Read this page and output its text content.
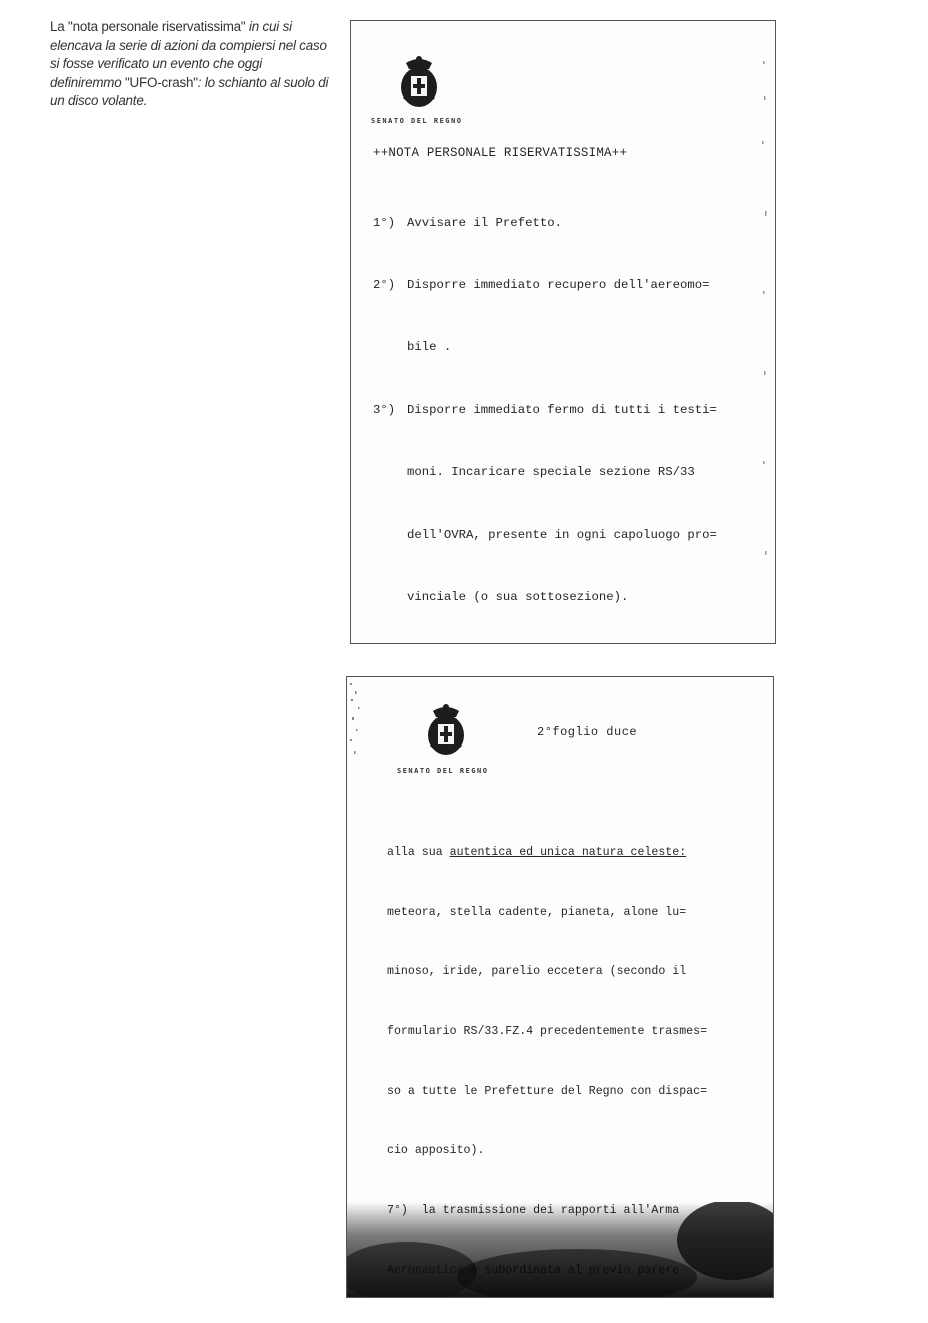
La "nota personale riservatissima" in cui si elencava la serie di azioni da compiersi nel caso si fosse verificato un evento che oggi definiremmo "UFO-crash": lo schianto al suolo di un disco volante.
SENATO DEL REGNO
++NOTA PERSONALE RISERVATISSIMA++

1°) Avvisare il Prefetto.

2°) Disporre immediato recupero dell'aereomo=

bile .

3°) Disporre immediato fermo di tutti i testi=

moni. Incaricare speciale sezione RS/33

dell'OVRA, presente in ogni capoluogo pro=

vinciale (o sua sottosezione).

SENATO DEL REGNO
2°foglio duce

alla sua autentica ed unica natura celeste:

meteora, stella cadente, pianeta, alone lu=

minoso, iride, parelio eccetera (secondo il

formulario RS/33.FZ.4 precedentemente trasmes=

so a tutte le Prefetture del Regno con dispac=

cio apposito).
